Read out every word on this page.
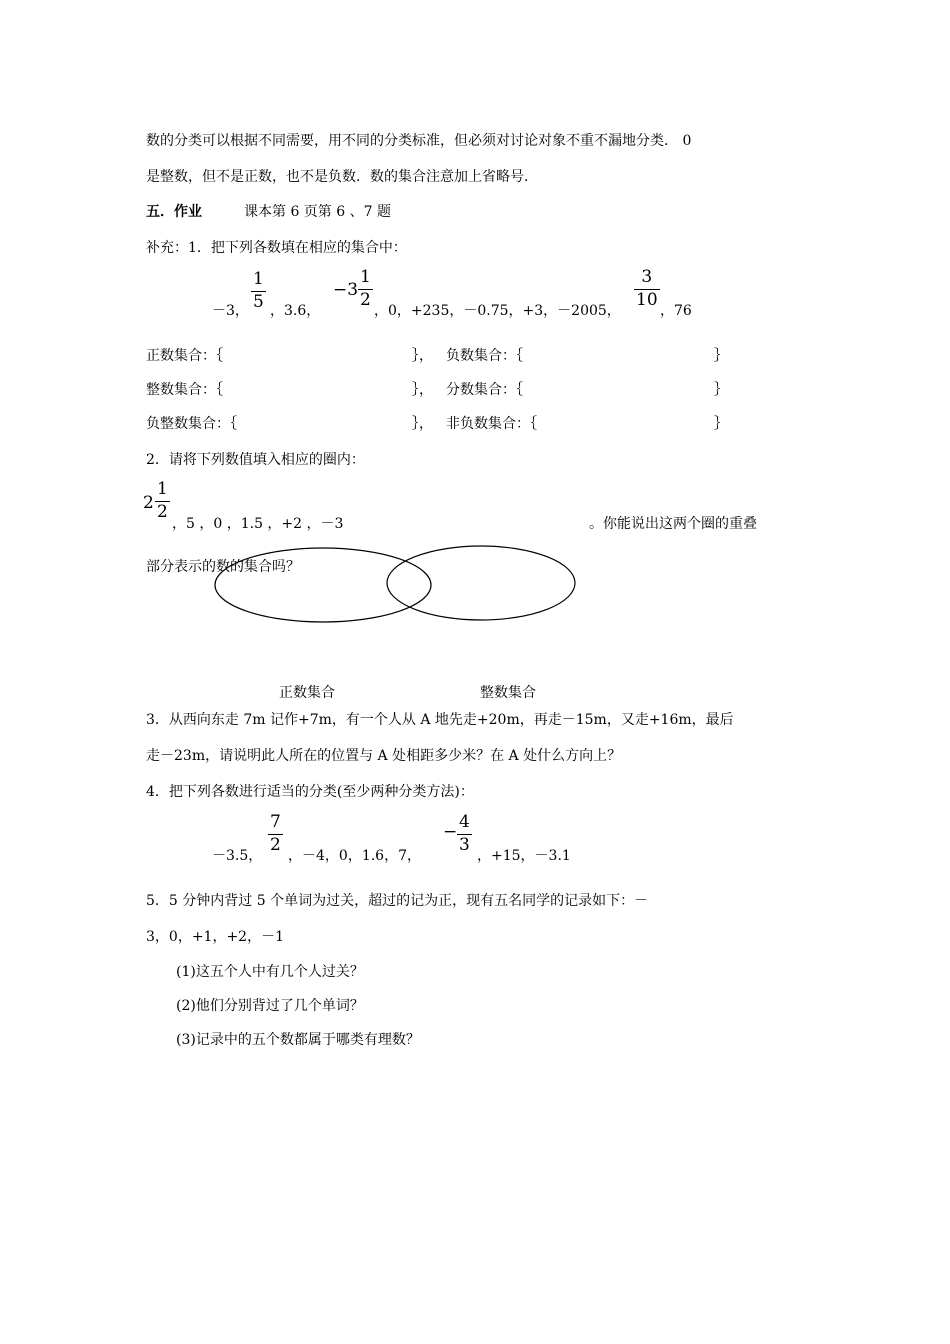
数的分类可以根据不同需要，用不同的分类标准，但必须对讨论对象不重不漏地分类． 0
是整数，但不是正数，也不是负数．数的集合注意加上省略号．
五．作业	课本第 6 页第 6 、7 题
补充：1．把下列各数填在相应的集合中：
－3，
1
5 ，3.6，
−3
1
2
，0，+235，－0.75，+3，－2005，
3
10
，76
正数集合：｛	｝， 负数集合：｛	｝
整数集合：｛	｝， 分数集合：｛	｝
负整数集合：｛	｝， 非负数集合：｛	｝
2．请将下列数值填入相应的圈内：
2
1
2
，5 ，0 ，1.5 ，+2 ，－3	。你能说出这两个圈的重叠
部分表示的数的集合吗？
正数集合	整数集合
3．从西向东走 7m 记作+7m，有一个人从 A 地先走+20m，再走－15m，又走+16m，最后
走－23m，请说明此人所在的位置与 A 处相距多少米？在 A 处什么方向上？
4．把下列各数进行适当的分类(至少两种分类方法)：
－3.5，
7
2
，－4，0，1.6，7，
− 4
3
，+15，－3.1
5．5 分钟内背过 5 个单词为过关，超过的记为正，现有五名同学的记录如下：－
3，0，+1，+2，－1
(1)这五个人中有几个人过关？
(2)他们分别背过了几个单词？
(3)记录中的五个数都属于哪类有理数？
